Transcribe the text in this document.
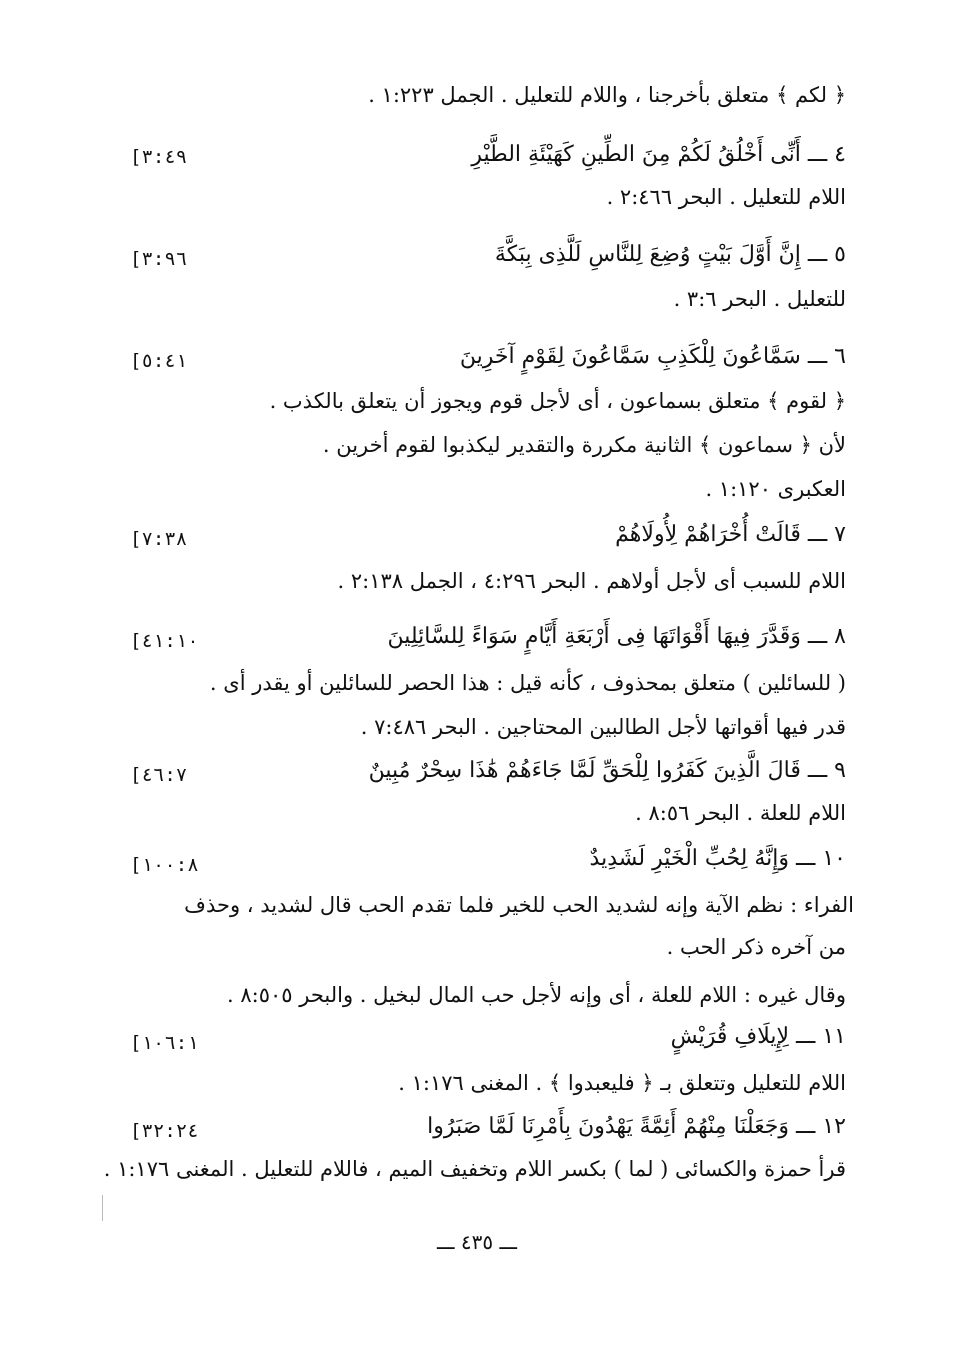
﴿ لكم ﴾ متعلق بأخرجنا ، واللام للتعليل . الجمل ١:٢٢٣ .
٤ ـــ أَنِّى أَخْلُقُ لَكُمْ مِنَ الطِّينِ كَهَيْئَةِ الطَّيْرِ
[٣:٤٩
اللام للتعليل . البحر ٢:٤٦٦ .
٥ ـــ إِنَّ أَوَّلَ بَيْتٍ وُضِعَ لِلنَّاسِ لَلَّذِى بِبَكَّةَ
[٣:٩٦
للتعليل . البحر ٣:٦ .
٦ ـــ سَمَّاعُونَ لِلْكَذِبِ سَمَّاعُونَ لِقَوْمٍ آخَرِينَ
[٥:٤١
﴿ لقوم ﴾ متعلق بسماعون ، أى لأجل قوم ويجوز أن يتعلق بالكذب .
لأن ﴿ سماعون ﴾ الثانية مكررة والتقدير ليكذبوا لقوم أخرين .
العكبرى ١:١٢٠ .
٧ ـــ قَالَتْ أُخْرَاهُمْ لِأُولَاهُمْ
[٧:٣٨
اللام للسبب أى لأجل أولاهم . البحر ٤:٢٩٦ ، الجمل ٢:١٣٨ .
٨ ـــ وَقَدَّرَ فِيهَا أَقْوَاتَهَا فِى أَرْبَعَةِ أَيَّامٍ سَوَاءً لِلسَّائِلِينَ
[٤١:١٠
( للسائلين ) متعلق بمحذوف ، كأنه قيل : هذا الحصر للسائلين أو يقدر أى .
قدر فيها أقواتها لأجل الطالبين المحتاجين . البحر ٧:٤٨٦ .
٩ ـــ قَالَ الَّذِينَ كَفَرُوا لِلْحَقِّ لَمَّا جَاءَهُمْ هَٰذَا سِحْرٌ مُبِينٌ
[٤٦:٧
اللام للعلة . البحر ٨:٥٦ .
١٠ ـــ وَإِنَّهُ لِحُبِّ الْخَيْرِ لَشَدِيدٌ
[١٠٠:٨
الفراء : نظم الآية وإنه لشديد الحب للخير فلما تقدم الحب قال لشديد ، وحذف
من آخره ذكر الحب .
وقال غيره : اللام للعلة ، أى وإنه لأجل حب المال لبخيل . والبحر ٨:٥٠٥ .
١١ ـــ لِإِيلَافِ قُرَيْشٍ
[١٠٦:١
اللام للتعليل وتتعلق بـ ﴿ فليعبدوا ﴾ . المغنى ١:١٧٦ .
١٢ ـــ وَجَعَلْنَا مِنْهُمْ أَئِمَّةً يَهْدُونَ بِأَمْرِنَا لَمَّا صَبَرُوا
[٣٢:٢٤
قرأ حمزة والكسائى ( لما ) بكسر اللام وتخفيف الميم ، فاللام للتعليل . المغنى ١:١٧٦ .
ـــ ٤٣٥ ـــ
